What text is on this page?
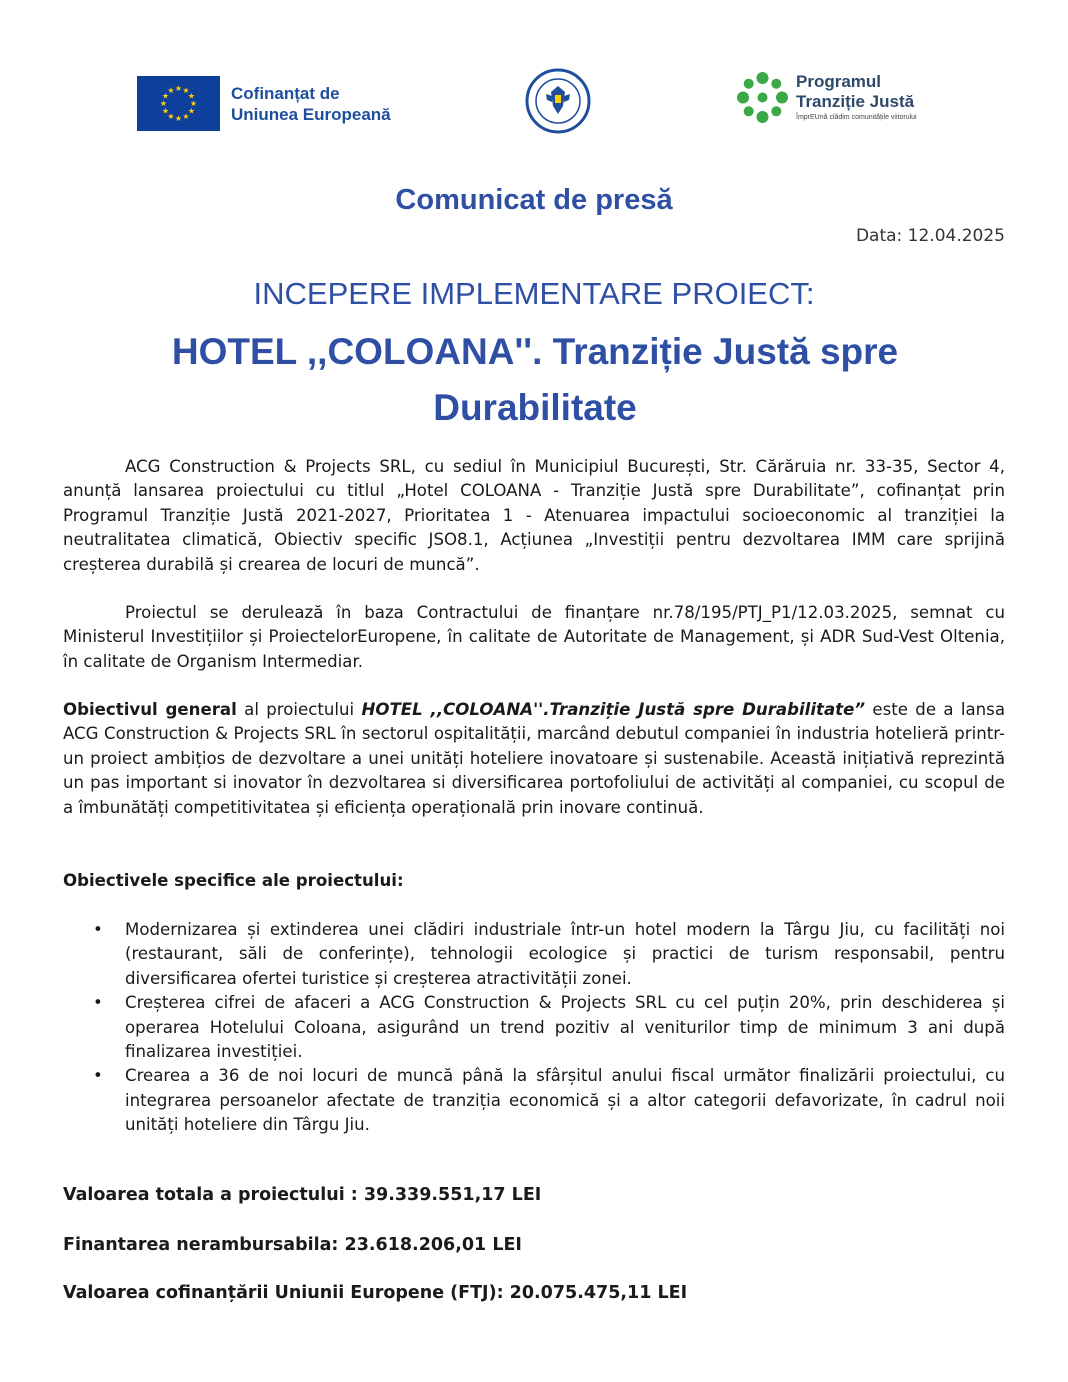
★ ★
★
★
★
★
★
★
★
★
★
★	Cofinanțat de
Uniunea Europeană
Programul
Tranziție Justă
ÎmprEUnă clădim comunitățile viitorului
Comunicat de presă
Data: 12.04.2025
INCEPERE IMPLEMENTARE PROIECT:
HOTEL ,,COLOANA''. Tranziție Justă spre Durabilitate
ACG Construction & Projects SRL, cu sediul în Municipiul București, Str. Cărăruia nr. 33-35, Sector 4, anunță lansarea proiectului cu titlul „Hotel COLOANA - Tranziție Justă spre Durabilitate”, cofinanțat prin Programul Tranziție Justă 2021-2027, Prioritatea 1 - Atenuarea impactului socioeconomic al tranziției la neutralitatea climatică, Obiectiv specific JSO8.1, Acțiunea „Investiții pentru dezvoltarea IMM care sprijină creșterea durabilă și crearea de locuri de muncă”.
Proiectul se derulează în baza Contractului de finanțare nr.78/195/PTJ_P1/12.03.2025, semnat cu Ministerul Investițiilor și ProiectelorEuropene, în calitate de Autoritate de Management, și ADR Sud-Vest Oltenia, în calitate de Organism Intermediar.
Obiectivul general al proiectului HOTEL ,,COLOANA''.Tranziție Justă spre Durabilitate” este de a lansa ACG Construction & Projects SRL în sectorul ospitalității, marcând debutul companiei în industria hotelieră printr-un proiect ambițios de dezvoltare a unei unități hoteliere inovatoare și sustenabile. Această inițiativă reprezintă un pas important si inovator în dezvoltarea si diversificarea portofoliului de activități al companiei, cu scopul de a îmbunătăți competitivitatea și eficiența operațională prin inovare continuă.
Obiectivele specifice ale proiectului:
• Modernizarea și extinderea unei clădiri industriale într-un hotel modern la Târgu Jiu, cu facilități noi (restaurant, săli de conferințe), tehnologii ecologice și practici de turism responsabil, pentru diversificarea ofertei turistice și creșterea atractivității zonei.
• Creșterea cifrei de afaceri a ACG Construction & Projects SRL cu cel puțin 20%, prin deschiderea și operarea Hotelului Coloana, asigurând un trend pozitiv al veniturilor timp de minimum 3 ani după finalizarea investiției.
• Crearea a 36 de noi locuri de muncă până la sfârșitul anului fiscal următor finalizării proiectului, cu integrarea persoanelor afectate de tranziția economică și a altor categorii defavorizate, în cadrul noii unități hoteliere din Târgu Jiu.
Valoarea totala a proiectului : 39.339.551,17 LEI
Finantarea nerambursabila: 23.618.206,01 LEI
Valoarea cofinanțării Uniunii Europene (FTJ): 20.075.475,11 LEI
